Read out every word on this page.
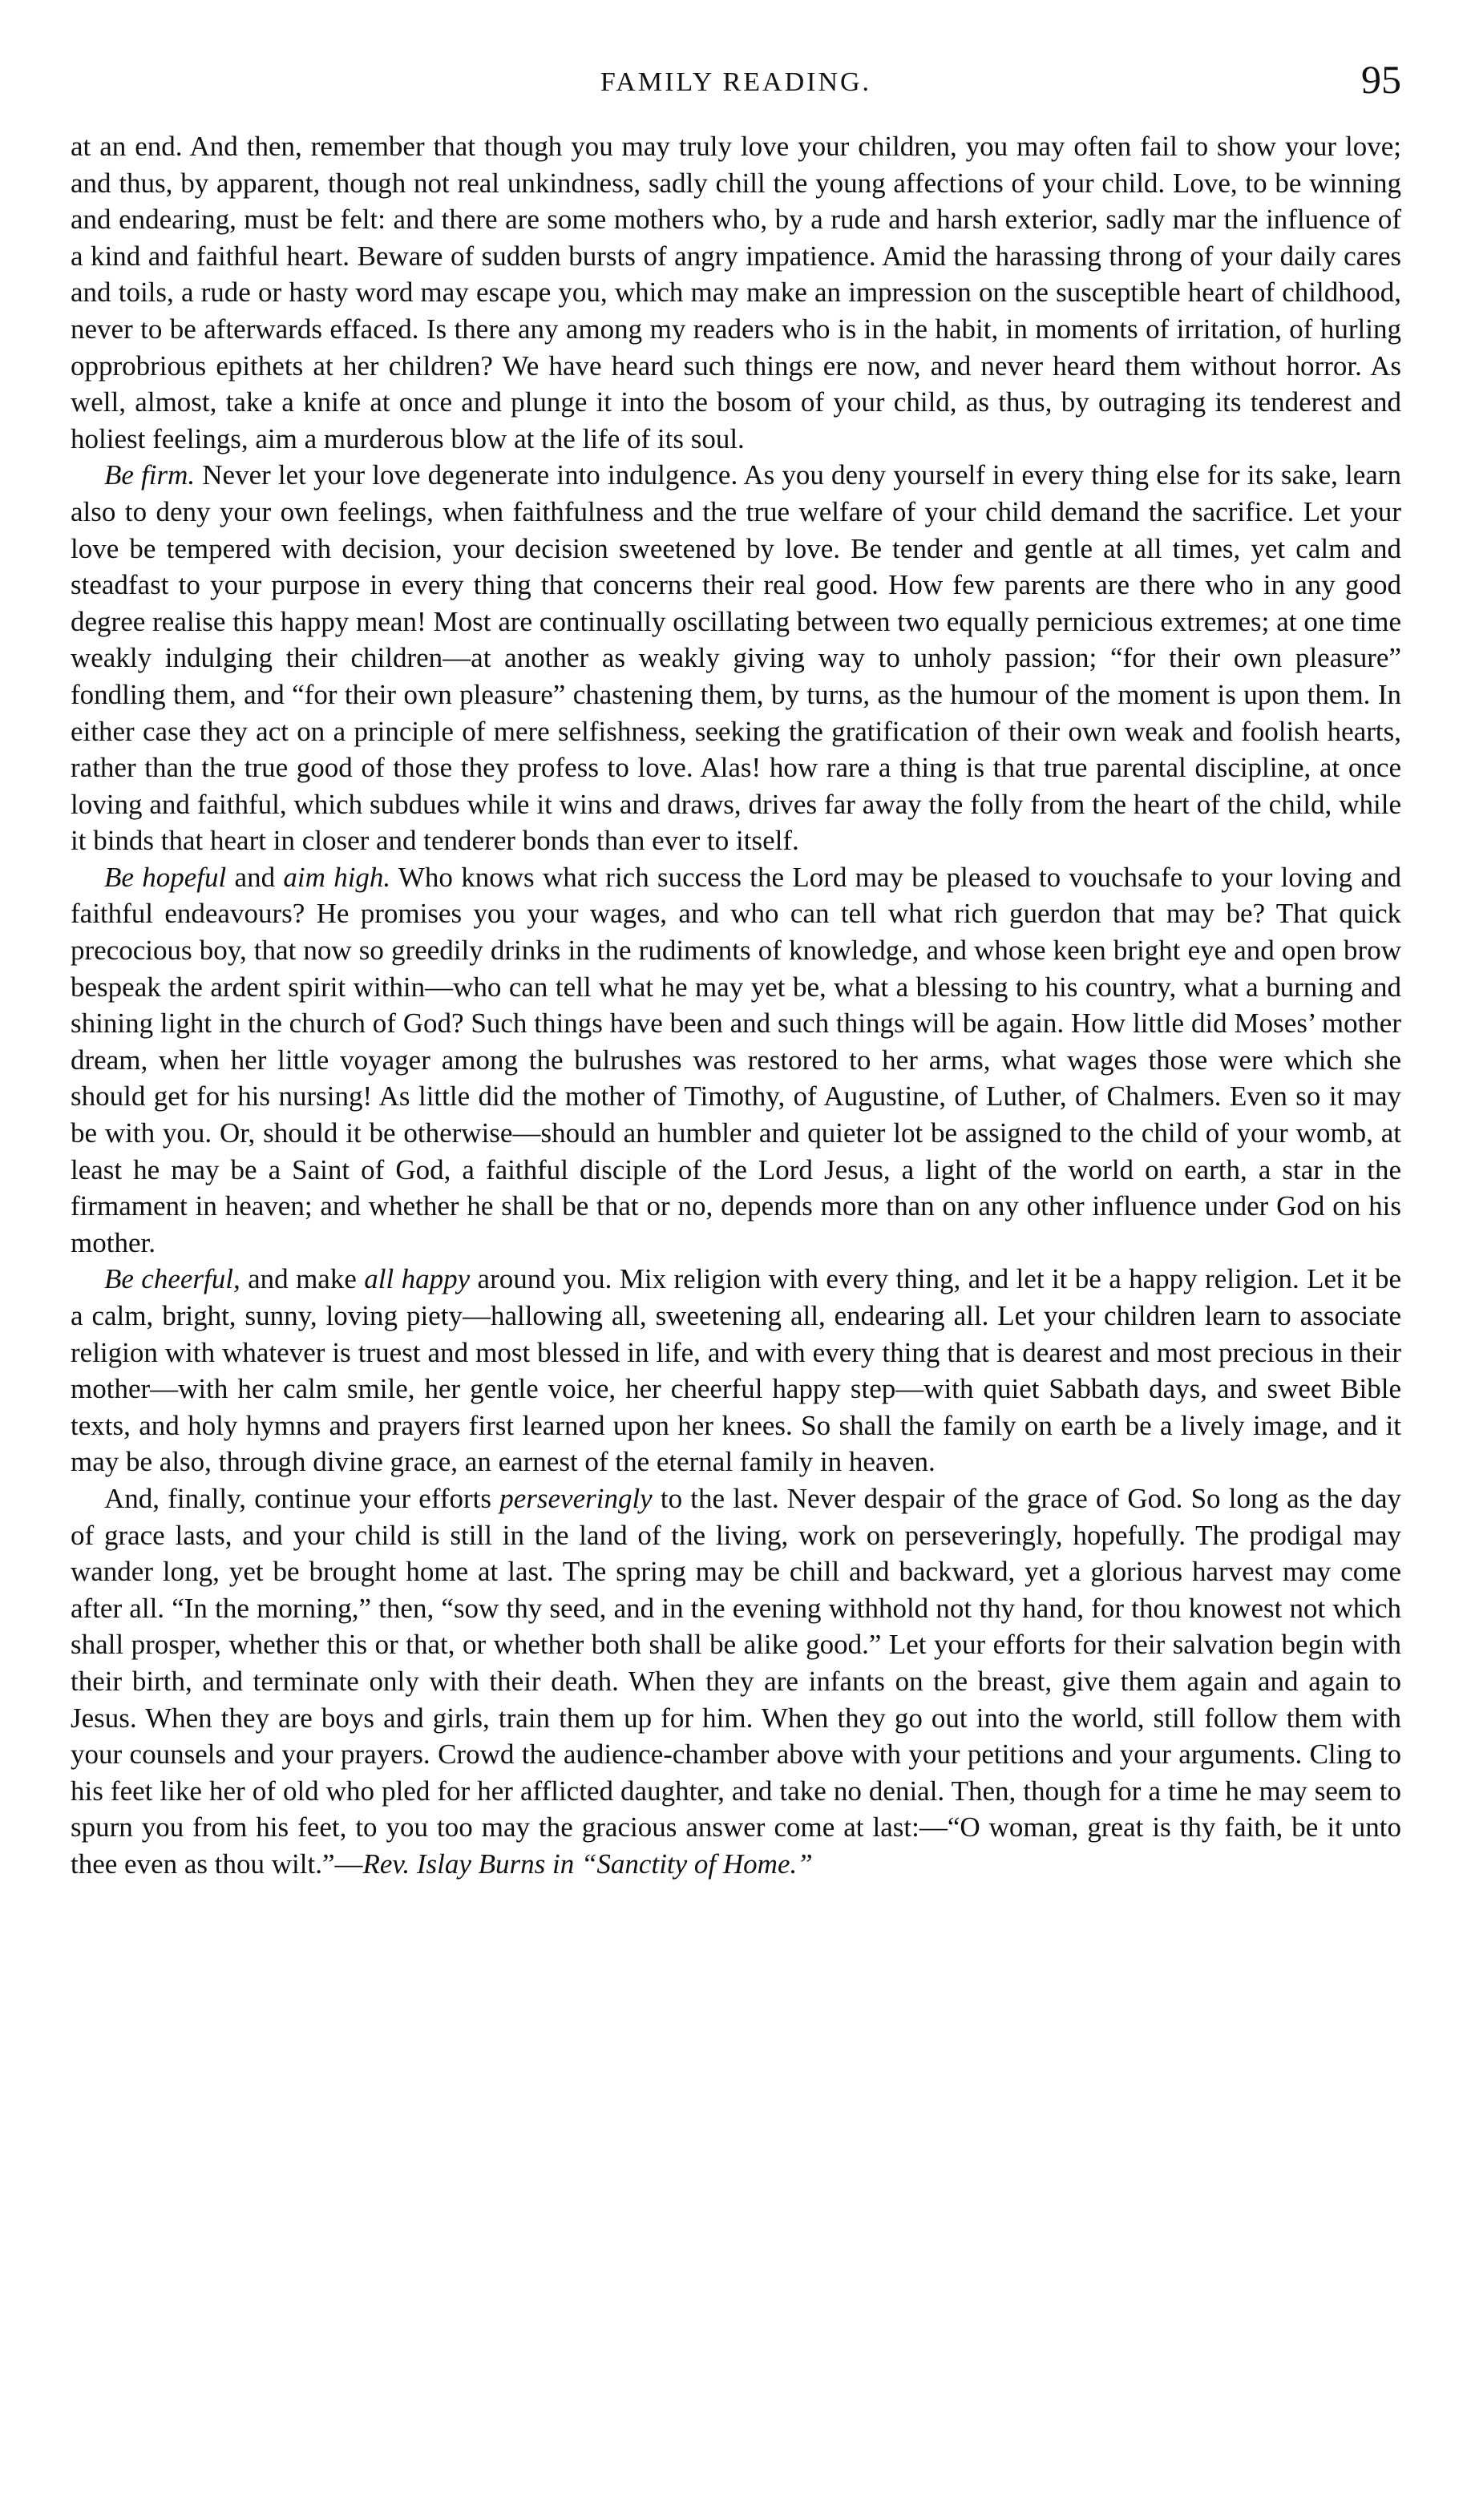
FAMILY READING.	95

at an end. And then, remember that though you may truly love your children, you may often fail to show your love; and thus, by apparent, though not real unkindness, sadly chill the young affections of your child. Love, to be winning and endearing, must be felt: and there are some mothers who, by a rude and harsh exterior, sadly mar the influence of a kind and faithful heart. Beware of sudden bursts of angry impatience. Amid the harassing throng of your daily cares and toils, a rude or hasty word may escape you, which may make an impression on the susceptible heart of childhood, never to be afterwards effaced. Is there any among my readers who is in the habit, in moments of irritation, of hurling opprobrious epithets at her children? We have heard such things ere now, and never heard them without horror. As well, almost, take a knife at once and plunge it into the bosom of your child, as thus, by outraging its tenderest and holiest feelings, aim a murderous blow at the life of its soul.

Be firm. Never let your love degenerate into indulgence. As you deny yourself in every thing else for its sake, learn also to deny your own feelings, when faithfulness and the true welfare of your child demand the sacrifice. Let your love be tempered with decision, your decision sweetened by love. Be tender and gentle at all times, yet calm and steadfast to your purpose in every thing that concerns their real good. How few parents are there who in any good degree realise this happy mean! Most are continually oscillating between two equally pernicious extremes; at one time weakly indulging their children—at another as weakly giving way to unholy passion; “for their own pleasure” fondling them, and “for their own pleasure” chastening them, by turns, as the humour of the moment is upon them. In either case they act on a principle of mere selfishness, seeking the gratification of their own weak and foolish hearts, rather than the true good of those they profess to love. Alas! how rare a thing is that true parental discipline, at once loving and faithful, which subdues while it wins and draws, drives far away the folly from the heart of the child, while it binds that heart in closer and tenderer bonds than ever to itself.

Be hopeful and aim high. Who knows what rich success the Lord may be pleased to vouchsafe to your loving and faithful endeavours? He promises you your wages, and who can tell what rich guerdon that may be? That quick precocious boy, that now so greedily drinks in the rudiments of knowledge, and whose keen bright eye and open brow bespeak the ardent spirit within—who can tell what he may yet be, what a blessing to his country, what a burning and shining light in the church of God? Such things have been and such things will be again. How little did Moses’ mother dream, when her little voyager among the bulrushes was restored to her arms, what wages those were which she should get for his nursing! As little did the mother of Timothy, of Augustine, of Luther, of Chalmers. Even so it may be with you. Or, should it be otherwise—should an humbler and quieter lot be assigned to the child of your womb, at least he may be a Saint of God, a faithful disciple of the Lord Jesus, a light of the world on earth, a star in the firmament in heaven; and whether he shall be that or no, depends more than on any other influence under God on his mother.

Be cheerful, and make all happy around you. Mix religion with every thing, and let it be a happy religion. Let it be a calm, bright, sunny, loving piety—hallowing all, sweetening all, endearing all. Let your children learn to associate religion with whatever is truest and most blessed in life, and with every thing that is dearest and most precious in their mother—with her calm smile, her gentle voice, her cheerful happy step—with quiet Sabbath days, and sweet Bible texts, and holy hymns and prayers first learned upon her knees. So shall the family on earth be a lively image, and it may be also, through divine grace, an earnest of the eternal family in heaven.

And, finally, continue your efforts perseveringly to the last. Never despair of the grace of God. So long as the day of grace lasts, and your child is still in the land of the living, work on perseveringly, hopefully. The prodigal may wander long, yet be brought home at last. The spring may be chill and backward, yet a glorious harvest may come after all. “In the morning,” then, “sow thy seed, and in the evening withhold not thy hand, for thou knowest not which shall prosper, whether this or that, or whether both shall be alike good.” Let your efforts for their salvation begin with their birth, and terminate only with their death. When they are infants on the breast, give them again and again to Jesus. When they are boys and girls, train them up for him. When they go out into the world, still follow them with your counsels and your prayers. Crowd the audience-chamber above with your petitions and your arguments. Cling to his feet like her of old who pled for her afflicted daughter, and take no denial. Then, though for a time he may seem to spurn you from his feet, to you too may the gracious answer come at last:—“O woman, great is thy faith, be it unto thee even as thou wilt.”—Rev. Islay Burns in “Sanctity of Home.”
